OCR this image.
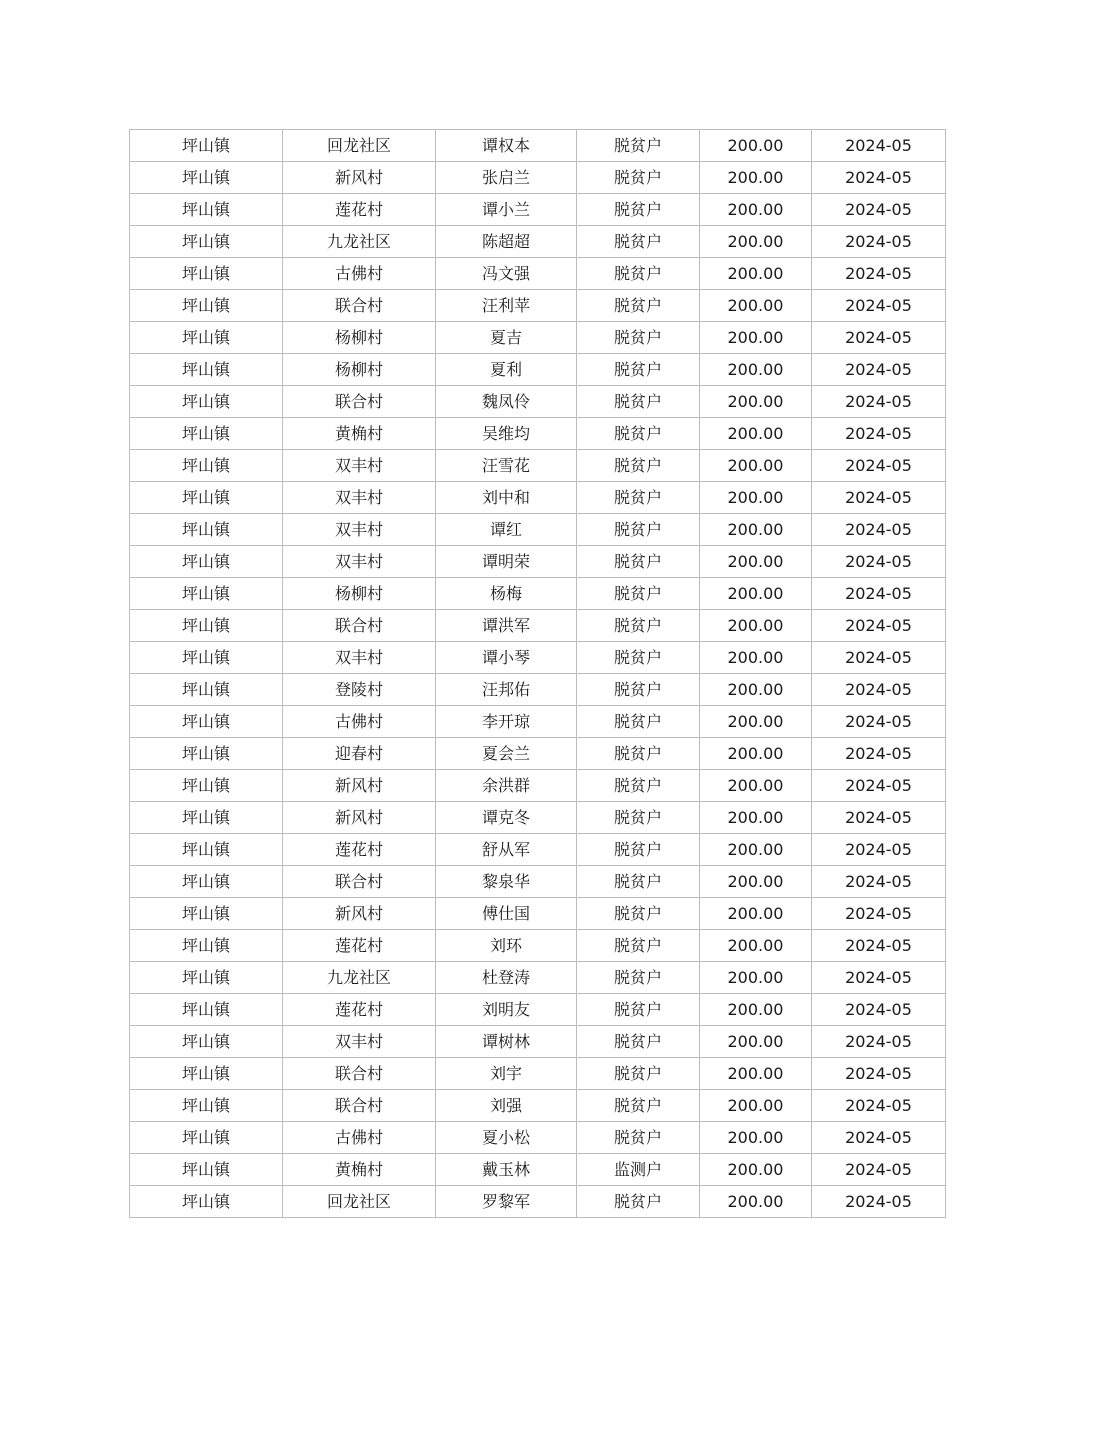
坪山镇	回龙社区	谭权本	脱贫户	200.00	2024-05
坪山镇	新风村	张启兰	脱贫户	200.00	2024-05
坪山镇	莲花村	谭小兰	脱贫户	200.00	2024-05
坪山镇	九龙社区	陈超超	脱贫户	200.00	2024-05
坪山镇	古佛村	冯文强	脱贫户	200.00	2024-05
坪山镇	联合村	汪利苹	脱贫户	200.00	2024-05
坪山镇	杨柳村	夏吉	脱贫户	200.00	2024-05
坪山镇	杨柳村	夏利	脱贫户	200.00	2024-05
坪山镇	联合村	魏凤伶	脱贫户	200.00	2024-05
坪山镇	黄桷村	吴维均	脱贫户	200.00	2024-05
坪山镇	双丰村	汪雪花	脱贫户	200.00	2024-05
坪山镇	双丰村	刘中和	脱贫户	200.00	2024-05
坪山镇	双丰村	谭红	脱贫户	200.00	2024-05
坪山镇	双丰村	谭明荣	脱贫户	200.00	2024-05
坪山镇	杨柳村	杨梅	脱贫户	200.00	2024-05
坪山镇	联合村	谭洪军	脱贫户	200.00	2024-05
坪山镇	双丰村	谭小琴	脱贫户	200.00	2024-05
坪山镇	登陵村	汪邦佑	脱贫户	200.00	2024-05
坪山镇	古佛村	李开琼	脱贫户	200.00	2024-05
坪山镇	迎春村	夏会兰	脱贫户	200.00	2024-05
坪山镇	新风村	余洪群	脱贫户	200.00	2024-05
坪山镇	新风村	谭克冬	脱贫户	200.00	2024-05
坪山镇	莲花村	舒从军	脱贫户	200.00	2024-05
坪山镇	联合村	黎泉华	脱贫户	200.00	2024-05
坪山镇	新风村	傅仕国	脱贫户	200.00	2024-05
坪山镇	莲花村	刘环	脱贫户	200.00	2024-05
坪山镇	九龙社区	杜登涛	脱贫户	200.00	2024-05
坪山镇	莲花村	刘明友	脱贫户	200.00	2024-05
坪山镇	双丰村	谭树林	脱贫户	200.00	2024-05
坪山镇	联合村	刘宇	脱贫户	200.00	2024-05
坪山镇	联合村	刘强	脱贫户	200.00	2024-05
坪山镇	古佛村	夏小松	脱贫户	200.00	2024-05
坪山镇	黄桷村	戴玉林	监测户	200.00	2024-05
坪山镇	回龙社区	罗黎军	脱贫户	200.00	2024-05
